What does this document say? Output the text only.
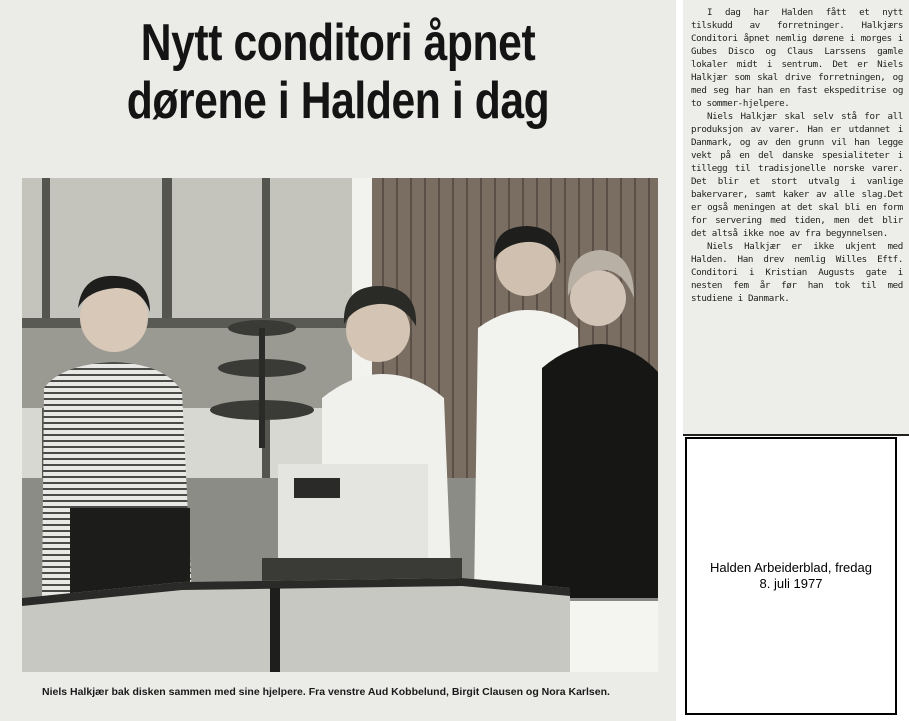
Nytt conditori åpnet
dørene i Halden i dag

Niels Halkjær bak disken sammen med sine hjelpere. Fra venstre Aud Kobbelund, Birgit Clausen og Nora Karlsen.

I dag har Halden fått et nytt tilskudd av forretninger. Halkjærs Conditori åpnet nemlig dørene i morges i Gubes Disco og Claus Larssens gamle lokaler midt i sentrum. Det er Niels Halkjær som skal drive forretningen, og med seg har han en fast ekspeditrise og to sommer-hjelpere.

Niels Halkjær skal selv stå for all produksjon av varer. Han er utdannet i Danmark, og av den grunn vil han legge vekt på en del danske spesialiteter i tillegg til tradisjonelle norske varer. Det blir et stort utvalg i vanlige bakervarer, samt kaker av alle slag.Det er også meningen at det skal bli en form for servering med tiden, men det blir det altså ikke noe av fra begynnelsen.

Niels Halkjær er ikke ukjent med Halden. Han drev nemlig Willes Eftf. Conditori i Kristian Augusts gate i nesten fem år før han tok til med studiene i Danmark.

Halden Arbeiderblad, fredag
8. juli 1977
